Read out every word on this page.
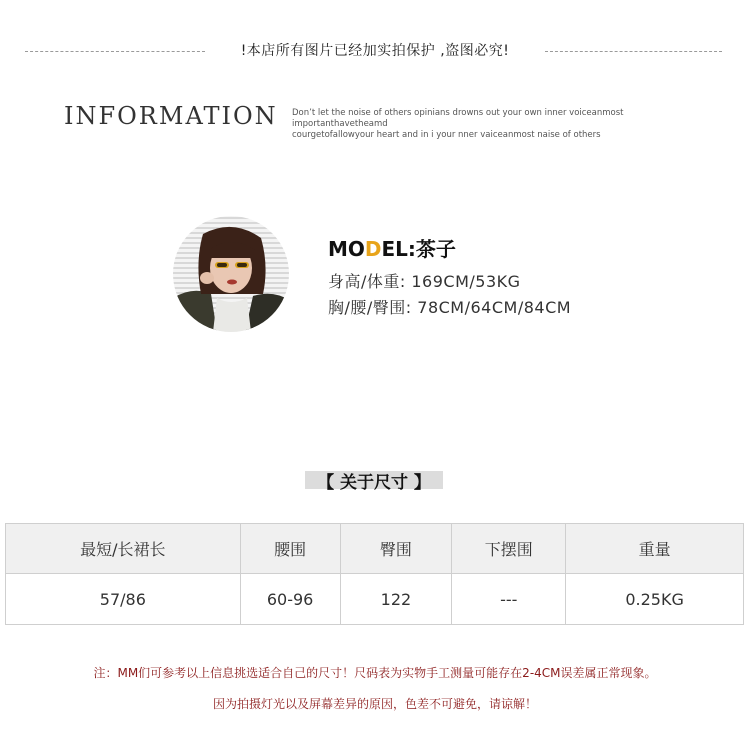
!本店所有图片已经加实拍保护 ,盗图必究!
INFORMATION Don’t let the noise of others opinians drowns out your own inner voiceanmost importanthavetheamd
courgetofallowyour heart and in i your nner vaiceanmost naise of others
MODEL:茶子
身高/体重: 169CM/53KG
胸/腰/臀围: 78CM/64CM/84CM
【 关于尺寸 】
最短/长裙长	腰围	臀围	下摆围	重量
57/86	60-96	122	---	0.25KG
注：MM们可参考以上信息挑选适合自己的尺寸！尺码表为实物手工测量可能存在2-4CM误差属正常现象。
因为拍摄灯光以及屏幕差异的原因，色差不可避免，请谅解！
